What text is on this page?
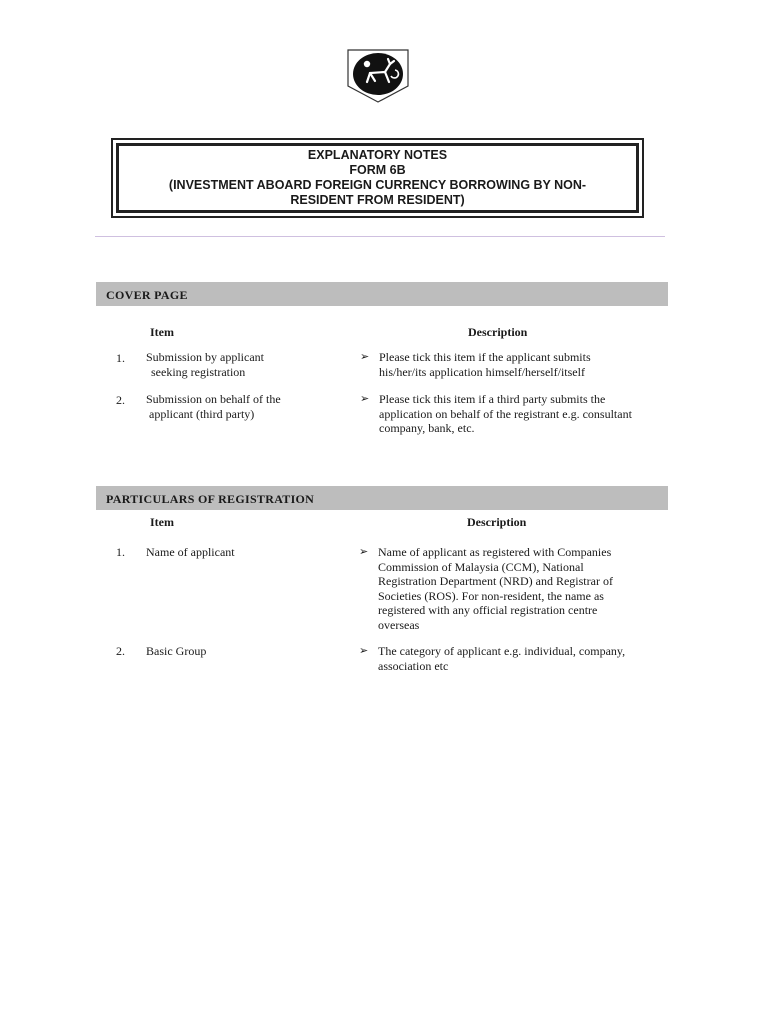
EXPLANATORY NOTES
FORM 6B
(INVESTMENT ABOARD FOREIGN CURRENCY BORROWING BY NON-
RESIDENT FROM RESIDENT)
COVER PAGE
Item	Description
1. Submission by applicant
seeking registration
➢ Please tick this item if the applicant submits
his/her/its application himself/herself/itself
2. Submission on behalf of the
applicant (third party)
➢ Please tick this item if a third party submits the
application on behalf of the registrant e.g. consultant
company, bank, etc.
PARTICULARS OF REGISTRATION
Item	Description
1. Name of applicant	➢ Name of applicant as registered with Companies
Commission of Malaysia (CCM), National
Registration Department (NRD) and Registrar of
Societies (ROS). For non-resident, the name as
registered with any official registration centre
overseas
2. Basic Group	➢ The category of applicant e.g. individual, company,
association etc
